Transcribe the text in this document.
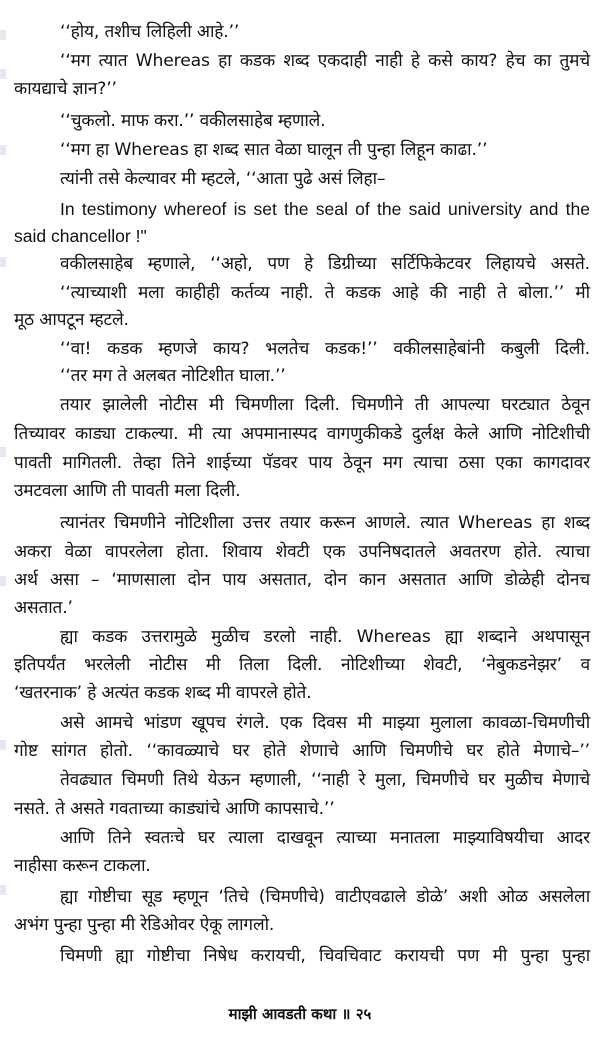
‘‘होय, तशीच लिहिली आहे.’’
‘‘मग त्यात Whereas हा कडक शब्द एकदाही नाही हे कसे काय? हेच का तुमचे
कायद्याचे ज्ञान?’’
‘‘चुकलो. माफ करा.’’ वकीलसाहेब म्हणाले.
‘‘मग हा Whereas हा शब्द सात वेळा घालून ती पुन्हा लिहून काढा.’’
त्यांनी तसे केल्यावर मी म्हटले, ‘‘आता पुढे असं लिहा–
In testimony whereof is set the seal of the said university and the
said chancellor !"
वकीलसाहेब म्हणाले, ‘‘अहो, पण हे डिग्रीच्या सर्टिफिकेटवर लिहायचे असते.
‘‘त्याच्याशी मला काहीही कर्तव्य नाही. ते कडक आहे की नाही ते बोला.’’ मी
मूठ आपटून म्हटले.
‘‘वा! कडक म्हणजे काय? भलतेच कडक!’’ वकीलसाहेबांनी कबुली दिली.
‘‘तर मग ते अलबत नोटिशीत घाला.’’
तयार झालेली नोटीस मी चिमणीला दिली. चिमणीने ती आपल्या घरट्यात ठेवून
तिच्यावर काड्या टाकल्या. मी त्या अपमानास्पद वागणुकीकडे दुर्लक्ष केले आणि नोटिशीची
पावती मागितली. तेव्हा तिने शाईच्या पॅडवर पाय ठेवून मग त्याचा ठसा एका कागदावर
उमटवला आणि ती पावती मला दिली.
त्यानंतर चिमणीने नोटिशीला उत्तर तयार करून आणले. त्यात Whereas हा शब्द
अकरा वेळा वापरलेला होता. शिवाय शेवटी एक उपनिषदातले अवतरण होते. त्याचा
अर्थ असा – ‘माणसाला दोन पाय असतात, दोन कान असतात आणि डोळेही दोनच
असतात.’
ह्या कडक उत्तरामुळे मुळीच डरलो नाही. Whereas ह्या शब्दाने अथपासून
इतिपर्यंत भरलेली नोटीस मी तिला दिली. नोटिशीच्या शेवटी, ‘नेबुकडनेझर’ व
‘खतरनाक’ हे अत्यंत कडक शब्द मी वापरले होते.
असे आमचे भांडण खूपच रंगले. एक दिवस मी माझ्या मुलाला कावळा-चिमणीची
गोष्ट सांगत होतो. ‘‘कावळ्याचे घर होते शेणाचे आणि चिमणीचे घर होते मेणाचे–’’
तेवढ्यात चिमणी तिथे येऊन म्हणाली, ‘‘नाही रे मुला, चिमणीचे घर मुळीच मेणाचे
नसते. ते असते गवताच्या काड्यांचे आणि कापसाचे.’’
आणि तिने स्वतःचे घर त्याला दाखवून त्याच्या मनातला माझ्याविषयीचा आदर
नाहीसा करून टाकला.
ह्या गोष्टीचा सूड म्हणून ‘तिचे (चिमणीचे) वाटीएवढाले डोळे’ अशी ओळ असलेला
अभंग पुन्हा पुन्हा मी रेडिओवर ऐकू लागलो.
चिमणी ह्या गोष्टीचा निषेध करायची, चिवचिवाट करायची पण मी पुन्हा पुन्हा
माझी आवडती कथा ॥ २५
